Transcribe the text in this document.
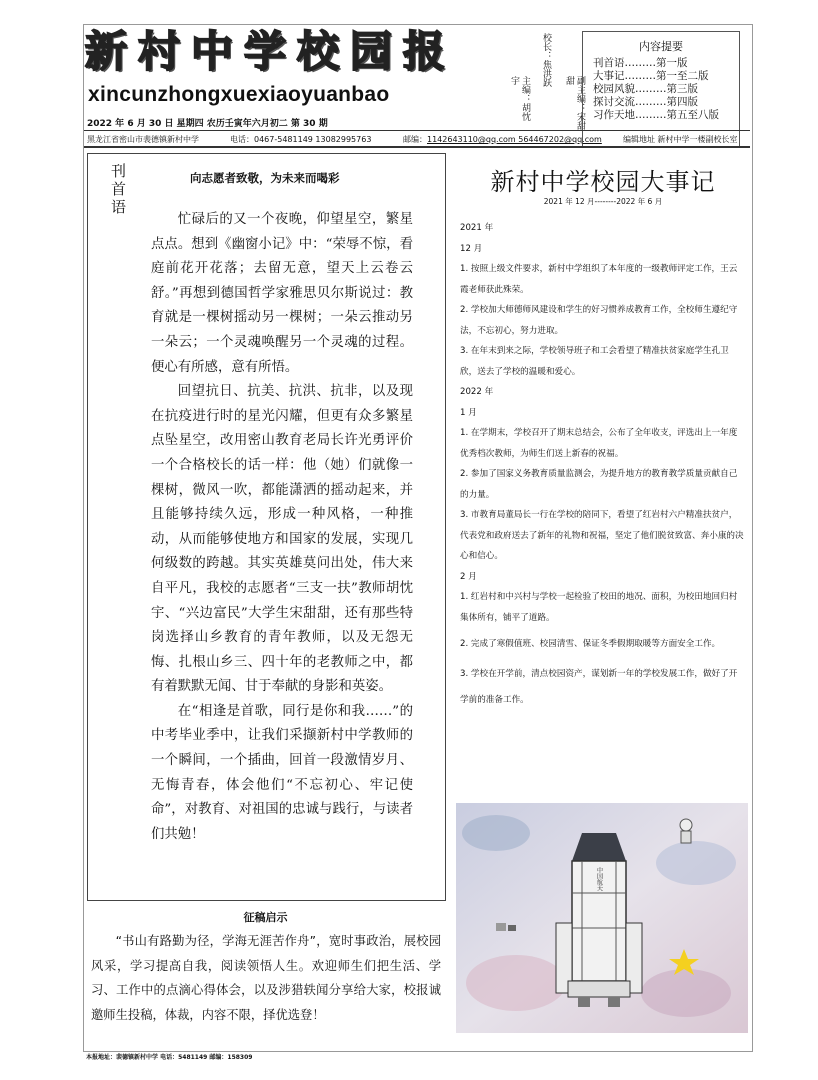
新村中学校园报
xincunzhongxuexiaoyuanbao
2022 年 6 月 30 日 星期四 农历壬寅年六月初二 第 30 期
校长：焦洪跃
主编：胡忱宇	副主编：宋甜甜
内容提要
刊首语………第一版
大事记………第一至二版
校园风貌………第三版
探讨交流………第四版
习作天地………第五至八版
黑龙江省密山市裴德镇新村中学	电话：0467-5481149 13082995763	邮编：1142643110@qq.com 564467202@qq.com	编辑地址 新村中学一楼副校长室
刊首语	向志愿者致敬，为未来而喝彩

忙碌后的又一个夜晚，仰望星空，繁星点点。想到《幽窗小记》中：“荣辱不惊，看庭前花开花落；去留无意，望天上云卷云舒。”再想到德国哲学家雅思贝尔斯说过：教育就是一棵树摇动另一棵树；一朵云推动另一朵云；一个灵魂唤醒另一个灵魂的过程。便心有所感，意有所悟。

回望抗日、抗美、抗洪、抗非，以及现在抗疫进行时的星光闪耀，但更有众多繁星点坠星空，改用密山教育老局长许光勇评价一个合格校长的话一样：他（她）们就像一棵树，微风一吹，都能潇洒的摇动起来，并且能够持续久远，形成一种风格，一种推动，从而能够使地方和国家的发展，实现几何级数的跨越。其实英雄莫问出处，伟大来自平凡，我校的志愿者“三支一扶”教师胡忱宇、“兴边富民”大学生宋甜甜，还有那些特岗选择山乡教育的青年教师，以及无怨无悔、扎根山乡三、四十年的老教师之中，都有着默默无闻、甘于奉献的身影和英姿。

在“相逢是首歌，同行是你和我……”的中考毕业季中，让我们采撷新村中学教师的一个瞬间，一个插曲，回首一段激情岁月、无悔青春，体会他们“不忘初心、牢记使命”，对教育、对祖国的忠诚与践行，与读者们共勉！

征稿启示

“书山有路勤为径，学海无涯苦作舟”，宽时事政治，展校园风采，学习提高自我，阅读领悟人生。欢迎师生们把生活、学习、工作中的点滴心得体会，以及涉猎轶闻分享给大家，校报诚邀师生投稿，体裁，内容不限，择优选登！

新村中学校园大事记
2021 年 12 月--------2022 年 6 月
2021 年
12 月
1. 按照上级文件要求，新村中学组织了本年度的一级教师评定工作，王云霞老师获此殊荣。
2. 学校加大师德师风建设和学生的好习惯养成教育工作，全校师生遵纪守法，不忘初心，努力进取。
3. 在年末到来之际，学校领导班子和工会看望了精准扶贫家庭学生孔卫欣，送去了学校的温暖和爱心。
2022 年
1 月
1. 在学期末，学校召开了期末总结会，公布了全年收支，评选出上一年度优秀档次教师，为师生们送上新春的祝福。
2. 参加了国家义务教育质量监测会，为提升地方的教育教学质量贡献自己的力量。
3. 市教育局董局长一行在学校的陪同下，看望了红岩村六户精准扶贫户，代表党和政府送去了新年的礼物和祝福，坚定了他们脱贫致富、奔小康的决心和信心。
2 月
1. 红岩村和中兴村与学校一起检验了校田的地况、面积，为校田地回归村集体所有，铺平了道路。
2. 完成了寒假值班、校园清雪、保证冬季假期取暖等方面安全工作。
3. 学校在开学前，清点校园资产，谋划新一年的学校发展工作，做好了开学前的准备工作。
中国航天
本报地址：裴德镇新村中学 电话：5481149 邮编：158309
